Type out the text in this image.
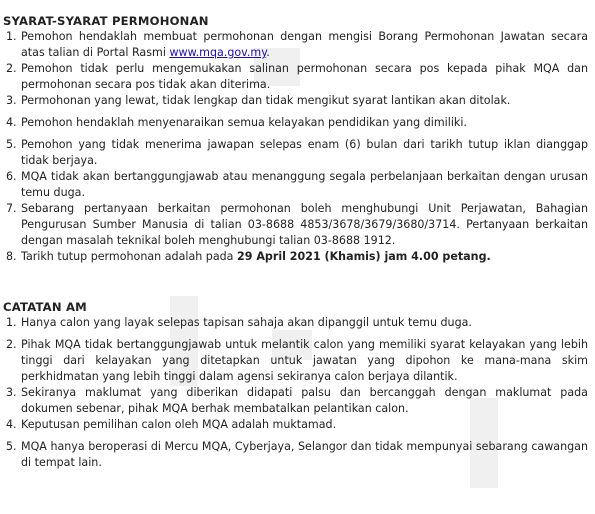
SYARAT-SYARAT PERMOHONAN
1. Pemohon hendaklah membuat permohonan dengan mengisi Borang Permohonan Jawatan secara atas talian di Portal Rasmi www.mqa.gov.my.

2. Pemohon tidak perlu mengemukakan salinan permohonan secara pos kepada pihak MQA dan permohonan secara pos tidak akan diterima.

3. Permohonan yang lewat, tidak lengkap dan tidak mengikut syarat lantikan akan ditolak.

4. Pemohon hendaklah menyenaraikan semua kelayakan pendidikan yang dimiliki.

5. Pemohon yang tidak menerima jawapan selepas enam (6) bulan dari tarikh tutup iklan dianggap tidak berjaya.

6. MQA tidak akan bertanggungjawab atau menanggung segala perbelanjaan berkaitan dengan urusan temu duga.

7. Sebarang pertanyaan berkaitan permohonan boleh menghubungi Unit Perjawatan, Bahagian Pengurusan Sumber Manusia di talian 03-8688 4853/3678/3679/3680/3714. Pertanyaan berkaitan dengan masalah teknikal boleh menghubungi talian 03-8688 1912.

8. Tarikh tutup permohonan adalah pada 29 April 2021 (Khamis) jam 4.00 petang.

CATATAN AM
1. Hanya calon yang layak selepas tapisan sahaja akan dipanggil untuk temu duga.

2. Pihak MQA tidak bertanggungjawab untuk melantik calon yang memiliki syarat kelayakan yang lebih tinggi dari kelayakan yang ditetapkan untuk jawatan yang dipohon ke mana-mana skim perkhidmatan yang lebih tinggi dalam agensi sekiranya calon berjaya dilantik.

3. Sekiranya maklumat yang diberikan didapati palsu dan bercanggah dengan maklumat pada dokumen sebenar, pihak MQA berhak membatalkan pelantikan calon.

4. Keputusan pemilihan calon oleh MQA adalah muktamad.

5. MQA hanya beroperasi di Mercu MQA, Cyberjaya, Selangor dan tidak mempunyai sebarang cawangan di tempat lain.
